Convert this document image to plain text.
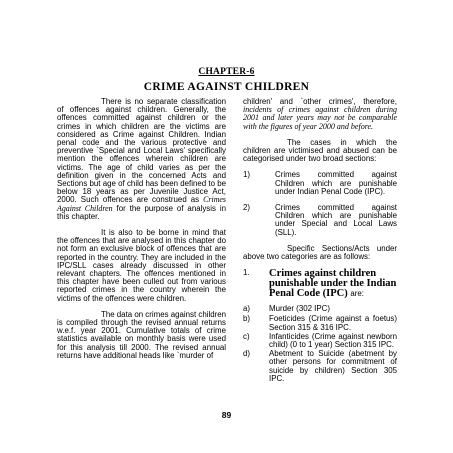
CHAPTER-6
CRIME AGAINST CHILDREN

There is no separate classification of offences against children. Generally, the offences committed against children or the crimes in which children are the victims are considered as Crime against Children. Indian penal code and the various protective and preventive `Special and Local Laws' specifically mention the offences wherein children are victims. The age of child varies as per the definition given in the concerned Acts and Sections but age of child has been defined to be below 18 years as per Juvenile Justice Act, 2000. Such offences are construed as Crimes Against Children for the purpose of analysis in this chapter.

It is also to be borne in mind that the offences that are analysed in this chapter do not form an exclusive block of offences that are reported in the country. They are included in the IPC/SLL cases already discussed in other relevant chapters. The offences mentioned in this chapter have been culled out from various reported crimes in the country wherein the victims of the offences were children.

The data on crimes against children is compiled through the revised annual returns w.e.f. year 2001. Cumulative totals of crime statistics available on monthly basis were used for this analysis till 2000. The revised annual returns have additional heads like `murder of

children' and `other crimes', therefore, incidents of crimes against children during 2001 and later years may not be comparable with the figures of year 2000 and before.

The cases in which the children are victimised and abused can be categorised under two broad sections:

1)	Crimes committed against Children which are punishable under Indian Penal Code (IPC).
2)	Crimes committed against Children which are punishable under Special and Local Laws (SLL).

Specific Sections/Acts under above two categories are as follows:

1.	Crimes against children punishable under the Indian Penal Code (IPC) are:
a)	Murder (302 IPC)
b)	Foeticides (Crime against a foetus) Section 315 & 316 IPC.
c)	Infanticides (Crime against newborn child) (0 to 1 year) Section 315 IPC.
d)	Abetment to Suicide (abetment by other persons for commitment of suicide by children) Section 305 IPC.
89
